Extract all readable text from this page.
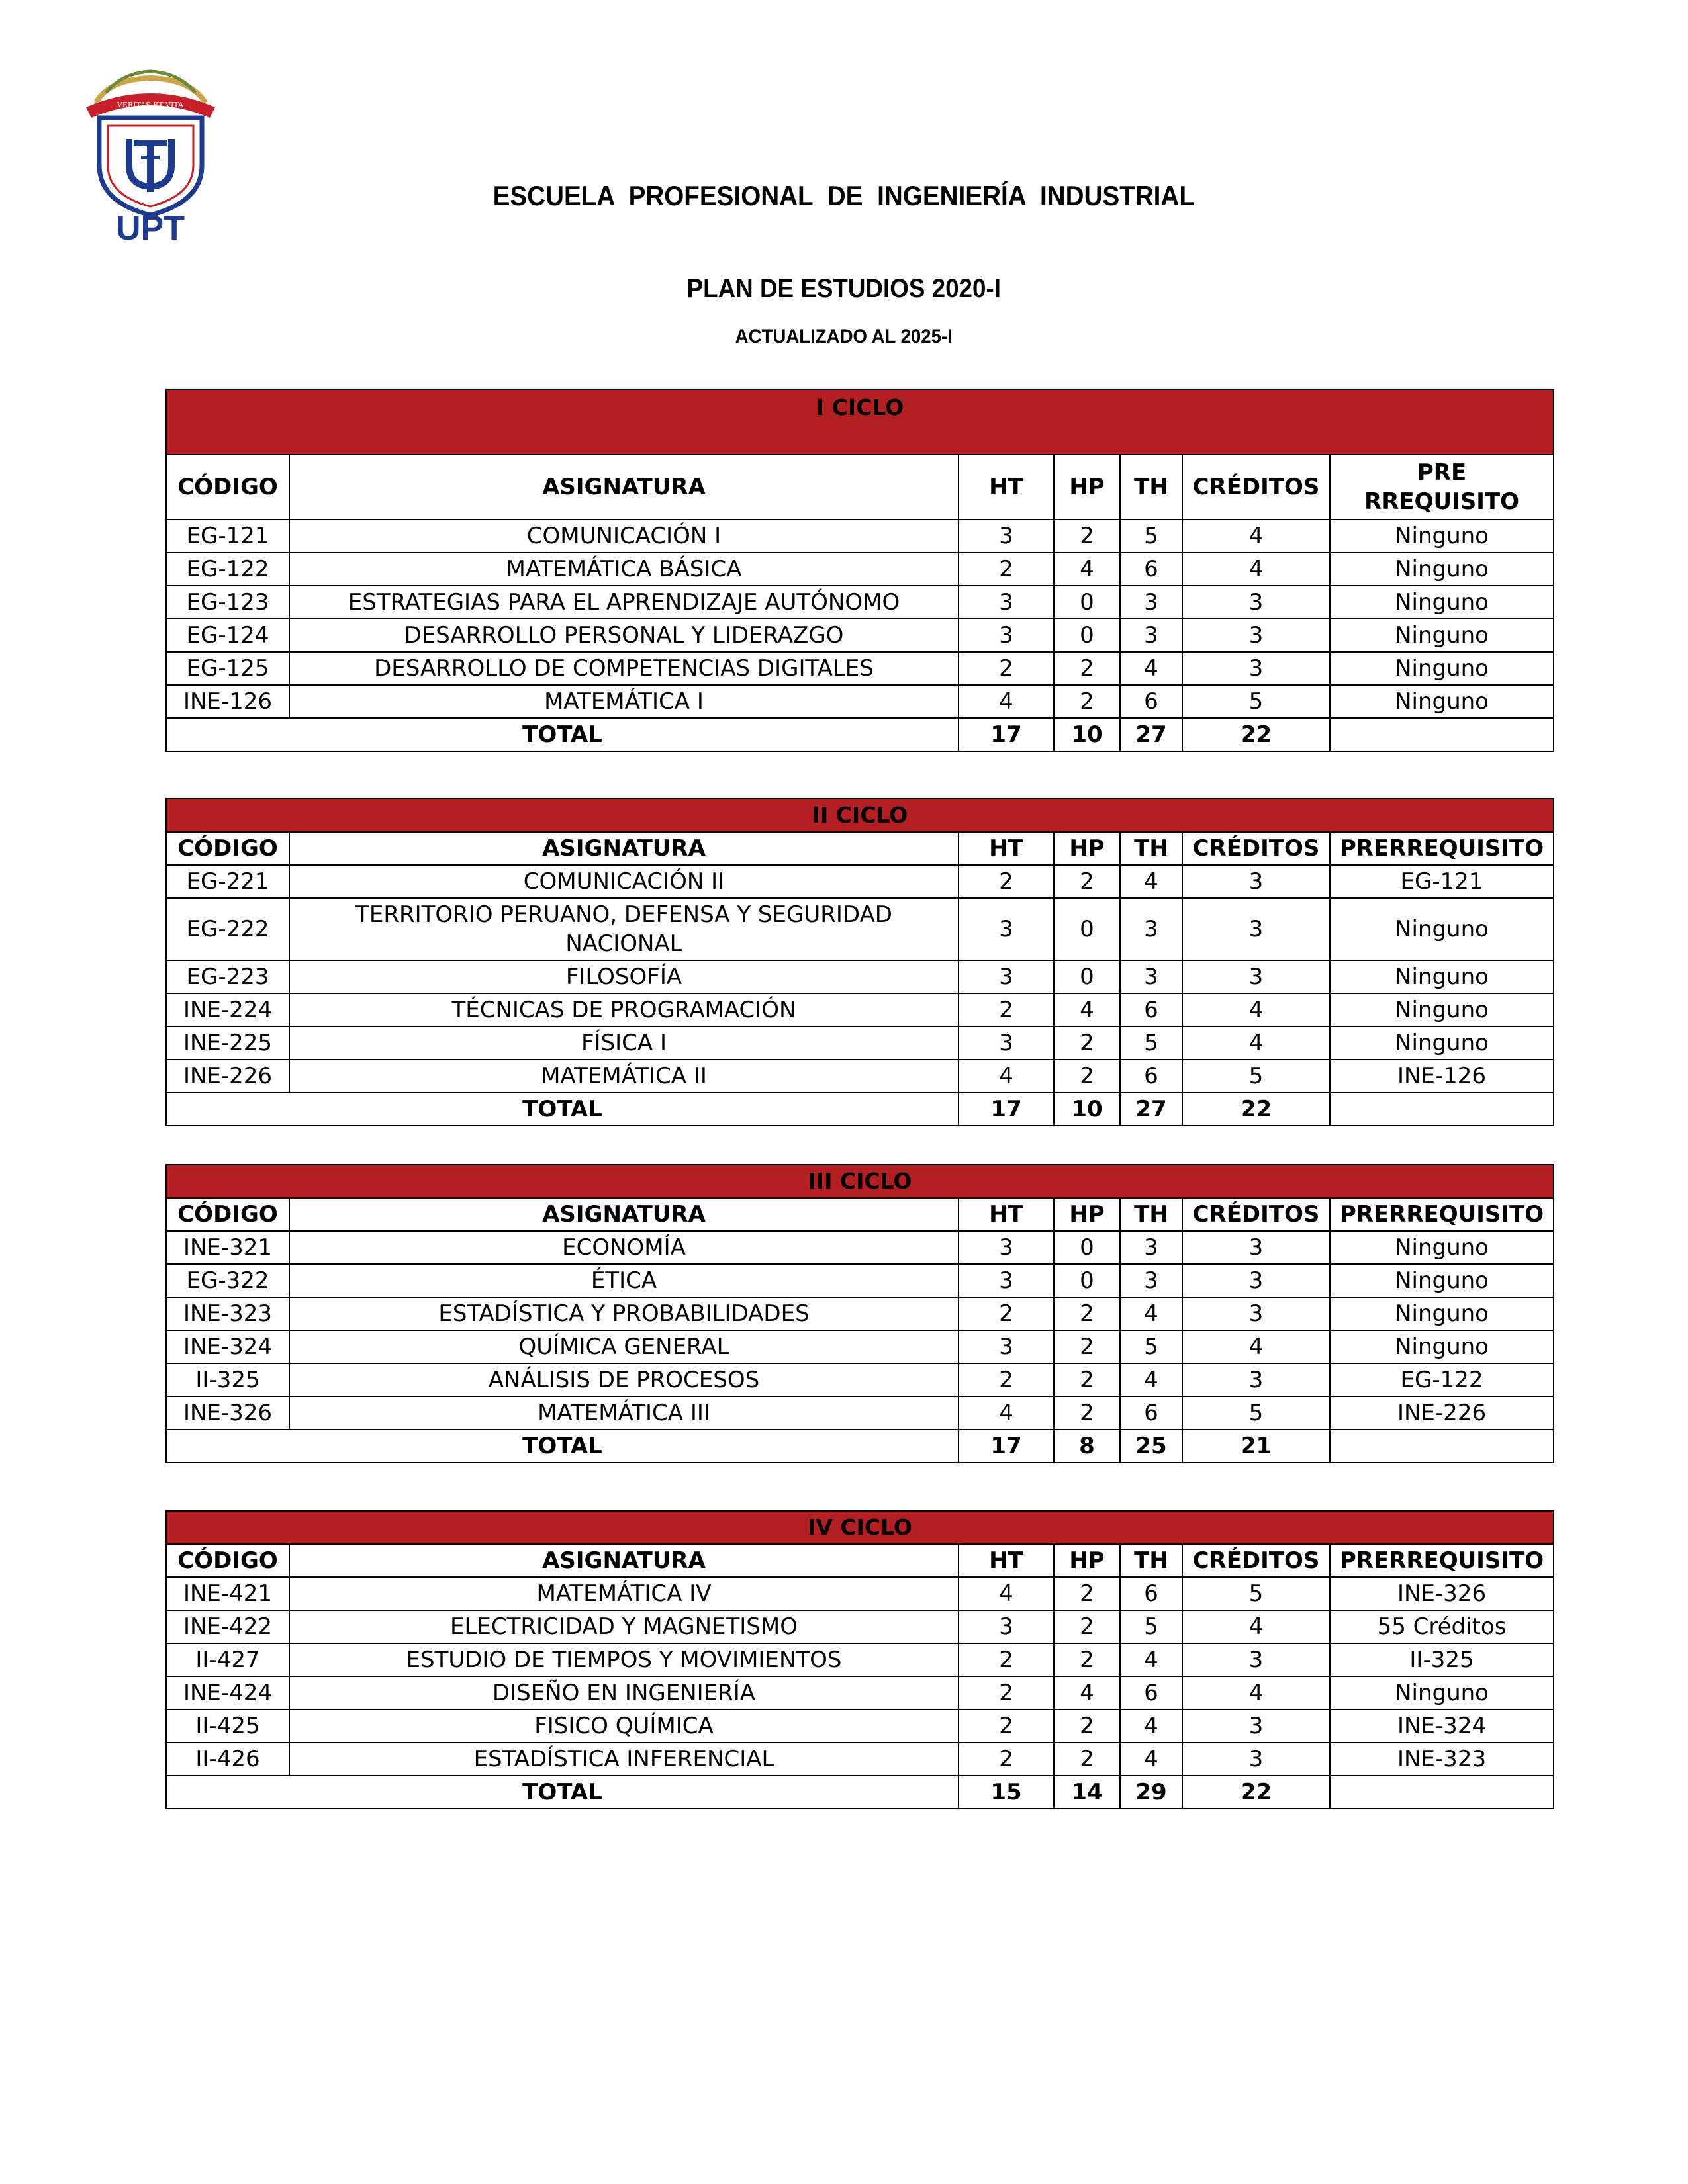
VERITAS ET VITA
UPT
ESCUELA PROFESIONAL DE INGENIERÍA INDUSTRIAL
PLAN DE ESTUDIOS 2020-I
ACTUALIZADO AL 2025-I
I CICLO						
CÓDIGO	ASIGNATURA	HT	HP	TH	CRÉDITOS	PRE
RREQUISITO
EG-121	COMUNICACIÓN I	3	2	5	4	Ninguno
EG-122	MATEMÁTICA BÁSICA	2	4	6	4	Ninguno
EG-123	ESTRATEGIAS PARA EL APRENDIZAJE AUTÓNOMO	3	0	3	3	Ninguno
EG-124	DESARROLLO PERSONAL Y LIDERAZGO	3	0	3	3	Ninguno
EG-125	DESARROLLO DE COMPETENCIAS DIGITALES	2	2	4	3	Ninguno
INE-126	MATEMÁTICA I	4	2	6	5	Ninguno
TOTAL		17	10	27	22	
II CICLO						
CÓDIGO	ASIGNATURA	HT	HP	TH	CRÉDITOS	PRERREQUISITO
EG-221	COMUNICACIÓN II	2	2	4	3	EG-121
EG-222	TERRITORIO PERUANO, DEFENSA Y SEGURIDAD NACIONAL	3	0	3	3	Ninguno
EG-223	FILOSOFÍA	3	0	3	3	Ninguno
INE-224	TÉCNICAS DE PROGRAMACIÓN	2	4	6	4	Ninguno
INE-225	FÍSICA I	3	2	5	4	Ninguno
INE-226	MATEMÁTICA II	4	2	6	5	INE-126
TOTAL		17	10	27	22	
III CICLO						
CÓDIGO	ASIGNATURA	HT	HP	TH	CRÉDITOS	PRERREQUISITO
INE-321	ECONOMÍA	3	0	3	3	Ninguno
EG-322	ÉTICA	3	0	3	3	Ninguno
INE-323	ESTADÍSTICA Y PROBABILIDADES	2	2	4	3	Ninguno
INE-324	QUÍMICA GENERAL	3	2	5	4	Ninguno
II-325	ANÁLISIS DE PROCESOS	2	2	4	3	EG-122
INE-326	MATEMÁTICA III	4	2	6	5	INE-226
TOTAL		17	8	25	21	
IV CICLO						
CÓDIGO	ASIGNATURA	HT	HP	TH	CRÉDITOS	PRERREQUISITO
INE-421	MATEMÁTICA IV	4	2	6	5	INE-326
INE-422	ELECTRICIDAD Y MAGNETISMO	3	2	5	4	55 Créditos
II-427	ESTUDIO DE TIEMPOS Y MOVIMIENTOS	2	2	4	3	II-325
INE-424	DISEÑO EN INGENIERÍA	2	4	6	4	Ninguno
II-425	FISICO QUÍMICA	2	2	4	3	INE-324
II-426	ESTADÍSTICA INFERENCIAL	2	2	4	3	INE-323
TOTAL		15	14	29	22	
